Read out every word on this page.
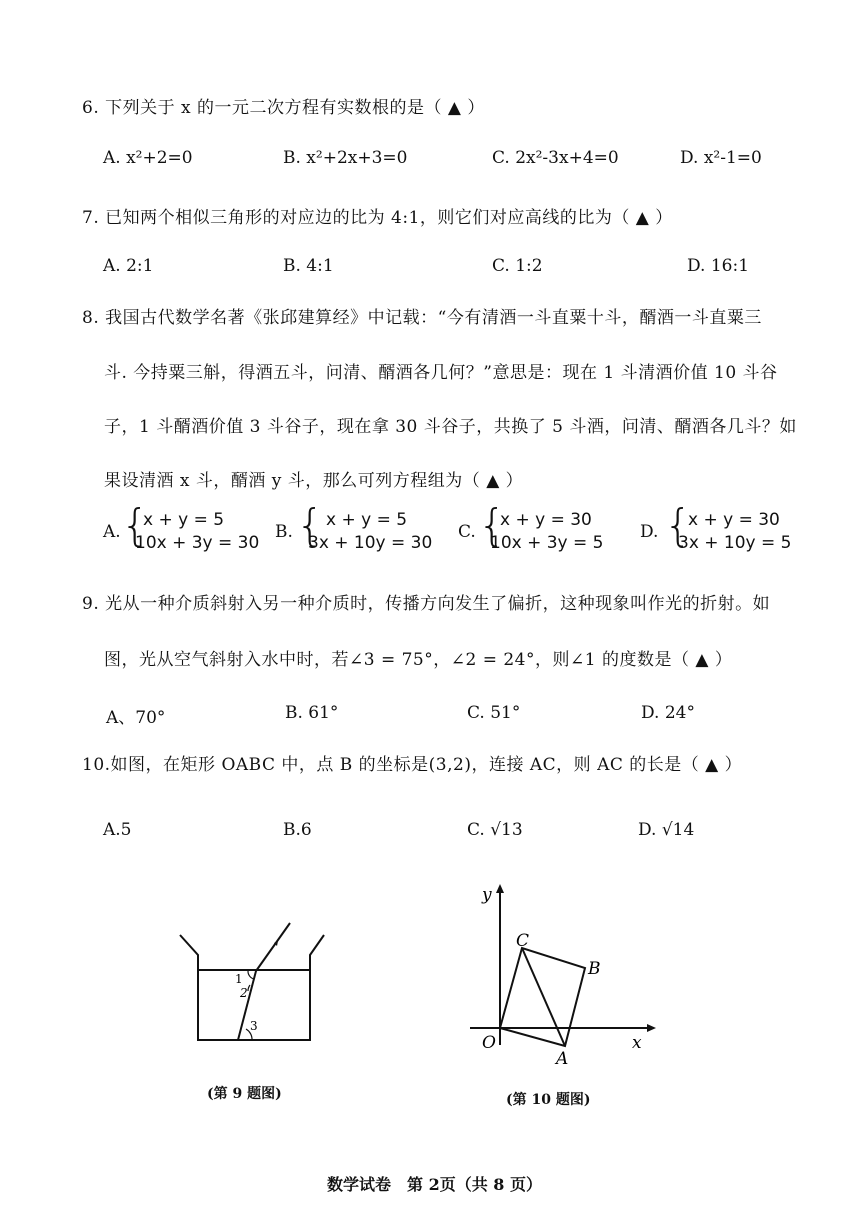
6. 下列关于 x 的一元二次方程有实数根的是（ ▲ ）
A. x²+2=0	B. x²+2x+3=0	C. 2x²-3x+4=0	D. x²-1=0
7. 已知两个相似三角形的对应边的比为 4:1，则它们对应高线的比为（ ▲ ）
A. 2:1	B. 4:1	C. 1:2	D. 16:1
8. 我国古代数学名著《张邱建算经》中记载：“今有清酒一斗直粟十斗，醑酒一斗直粟三
斗. 今持粟三斛，得酒五斗，问清、醑酒各几何？”意思是：现在 1 斗清酒价值 10 斗谷
子，1 斗醑酒价值 3 斗谷子，现在拿 30 斗谷子，共换了 5 斗酒，问清、醑酒各几斗？如
果设清酒 x 斗，醑酒 y 斗，那么可列方程组为（ ▲ ）
A. {
x + y = 5
10x + 3y = 30
B. { x + y = 5
3x + 10y = 30
C. {
x + y = 30
10x + 3y = 5
D. {
x + y = 30
3x + 10y = 5
9. 光从一种介质斜射入另一种介质时，传播方向发生了偏折，这种现象叫作光的折射。如
图，光从空气斜射入水中时，若∠3 = 75°，∠2 = 24°，则∠1 的度数是（ ▲ ）
A、70°	B. 61°	C. 51°	D. 24°
10.如图，在矩形 OABC 中，点 B 的坐标是(3,2)，连接 AC，则 AC 的长是（ ▲ ）
A.5	B.6	C. √13	D. √14
1
2
3
(第 9 题图)
y
x
O
A
B
C
(第 10 题图)
数学试卷　第 2页（共 8 页）
